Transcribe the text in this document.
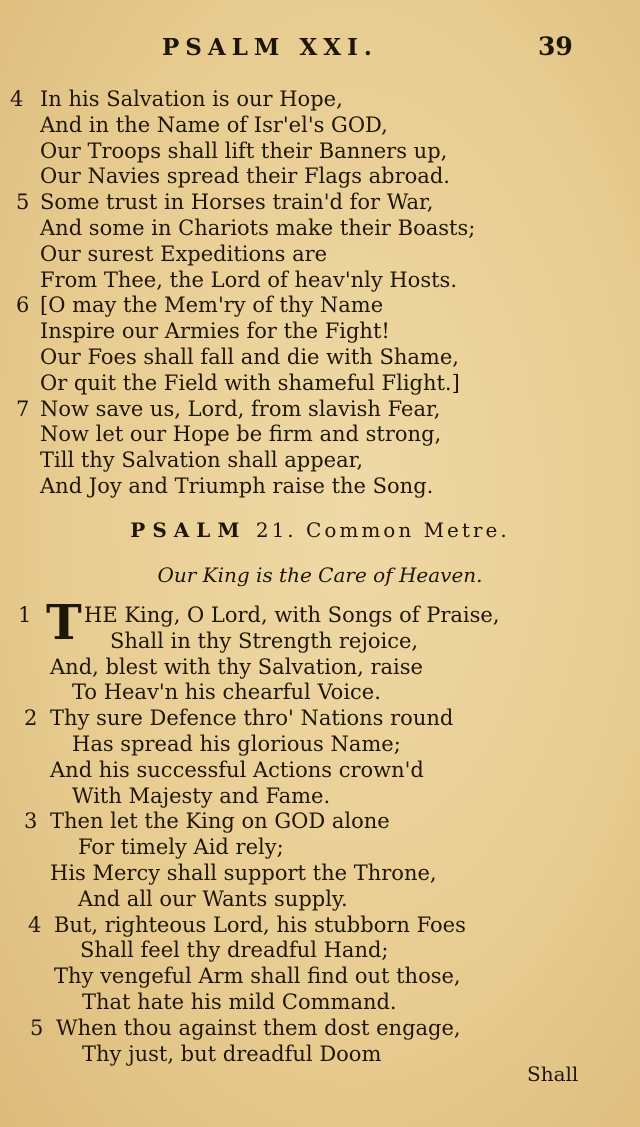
PSALM XXI.	39
4 In his Salvation is our Hope,
And in the Name of Isr'el's GOD,
Our Troops shall lift their Banners up,
Our Navies spread their Flags abroad.
5 Some trust in Horses train'd for War,
And some in Chariots make their Boasts;
Our surest Expeditions are
From Thee, the Lord of heav'nly Hosts.
6 [O may the Mem'ry of thy Name
Inspire our Armies for the Fight!
Our Foes shall fall and die with Shame,
Or quit the Field with shameful Flight.]
7 Now save us, Lord, from slavish Fear,
Now let our Hope be firm and strong,
Till thy Salvation shall appear,
And Joy and Triumph raise the Song.
PSALM 21. Common Metre.
Our King is the Care of Heaven.
1 T HE King, O Lord, with Songs of Praise,
Shall in thy Strength rejoice,
And, blest with thy Salvation, raise
To Heav'n his chearful Voice.
2 Thy sure Defence thro' Nations round
Has spread his glorious Name;
And his successful Actions crown'd
With Majesty and Fame.
3 Then let the King on GOD alone
For timely Aid rely;
His Mercy shall support the Throne,
And all our Wants supply.
4 But, righteous Lord, his stubborn Foes
Shall feel thy dreadful Hand;
Thy vengeful Arm shall find out those,
That hate his mild Command.
5 When thou against them dost engage,
Thy just, but dreadful Doom
Shall
